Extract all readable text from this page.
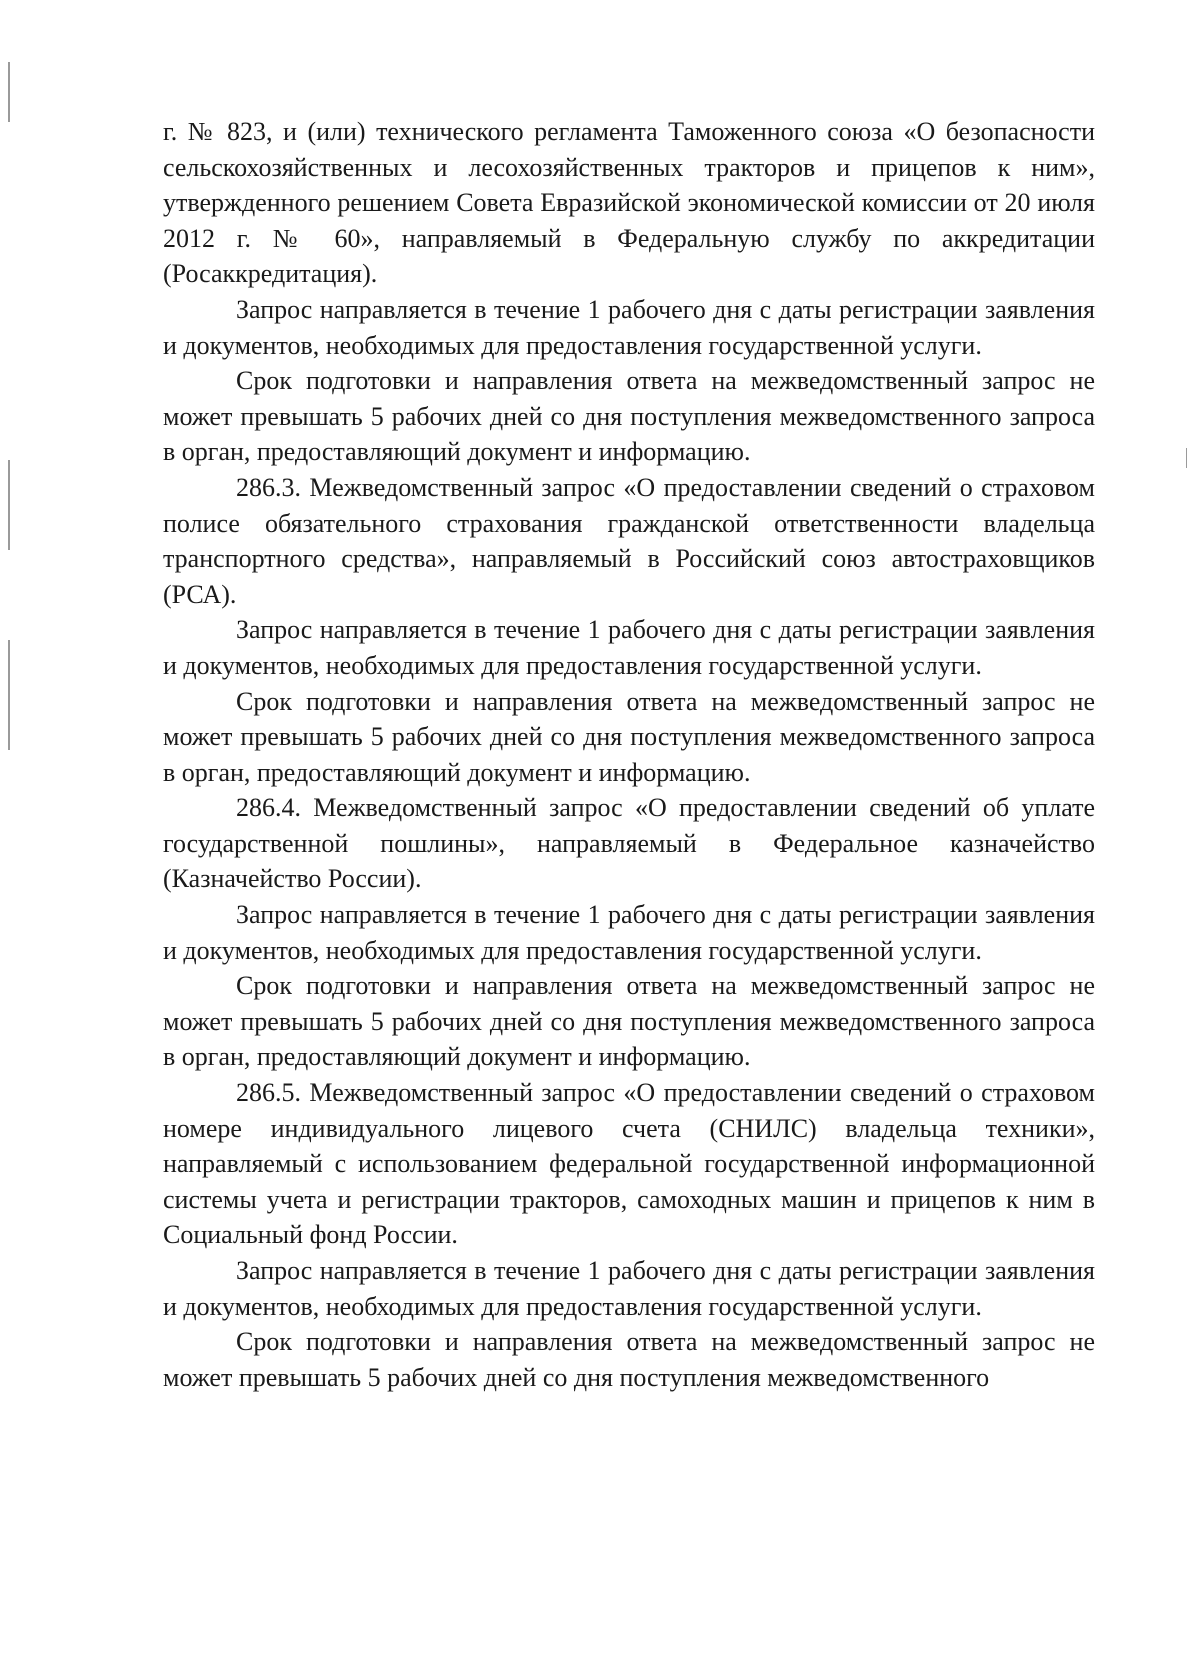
г. № 823, и (или) технического регламента Таможенного союза «О безопасности сельскохозяйственных и лесохозяйственных тракторов и прицепов к ним», утвержденного решением Совета Евразийской экономической комиссии от 20 июля 2012 г. № 60», направляемый в Федеральную службу по аккредитации (Росаккредитация).

Запрос направляется в течение 1 рабочего дня с даты регистрации заявления и документов, необходимых для предоставления государственной услуги.

Срок подготовки и направления ответа на межведомственный запрос не может превышать 5 рабочих дней со дня поступления межведомственного запроса в орган, предоставляющий документ и информацию.

286.3. Межведомственный запрос «О предоставлении сведений о страховом полисе обязательного страхования гражданской ответственности владельца транспортного средства», направляемый в Российский союз автостраховщиков (РСА).

Запрос направляется в течение 1 рабочего дня с даты регистрации заявления и документов, необходимых для предоставления государственной услуги.

Срок подготовки и направления ответа на межведомственный запрос не может превышать 5 рабочих дней со дня поступления межведомственного запроса в орган, предоставляющий документ и информацию.

286.4. Межведомственный запрос «О предоставлении сведений об уплате государственной пошлины», направляемый в Федеральное казначейство (Казначейство России).

Запрос направляется в течение 1 рабочего дня с даты регистрации заявления и документов, необходимых для предоставления государственной услуги.

Срок подготовки и направления ответа на межведомственный запрос не может превышать 5 рабочих дней со дня поступления межведомственного запроса в орган, предоставляющий документ и информацию.

286.5. Межведомственный запрос «О предоставлении сведений о страховом номере индивидуального лицевого счета (СНИЛС) владельца техники», направляемый с использованием федеральной государственной информационной системы учета и регистрации тракторов, самоходных машин и прицепов к ним в Социальный фонд России.

Запрос направляется в течение 1 рабочего дня с даты регистрации заявления и документов, необходимых для предоставления государственной услуги.

Срок подготовки и направления ответа на межведомственный запрос не может превышать 5 рабочих дней со дня поступления межведомственного
